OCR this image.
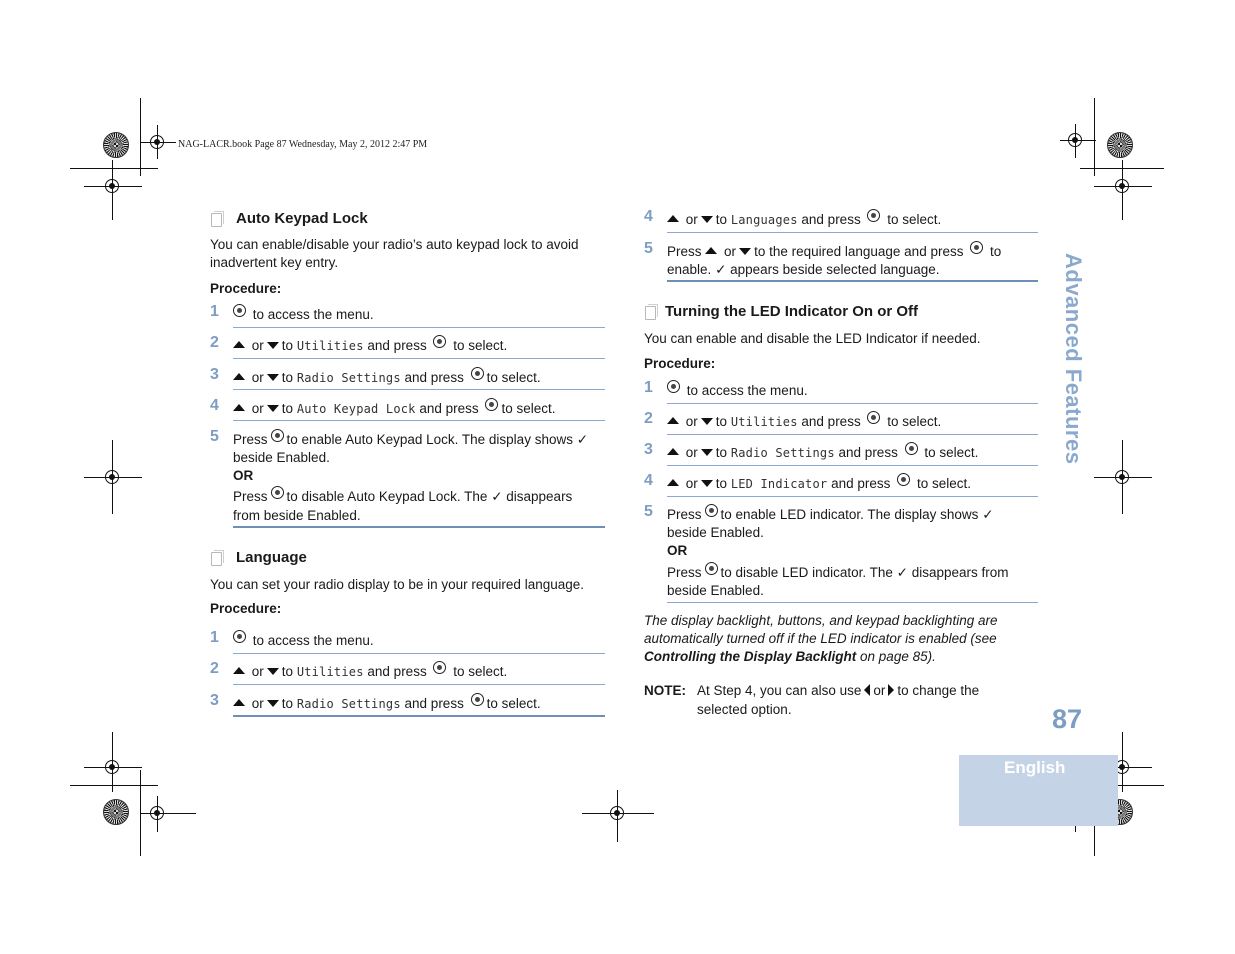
NAG-LACR.book Page 87 Wednesday, May 2, 2012 2:47 PM
Auto Keypad Lock
You can enable/disable your radio’s auto keypad lock to avoid
inadvertent key entry.
Procedure:
1	to access the menu.
2 or to Utilities and press to select.
3 or to Radio Settings and press to select.
4 or to Auto Keypad Lock and press to select.
5 Press to enable Auto Keypad Lock. The display shows ✓
beside Enabled.
OR
Press to disable Auto Keypad Lock. The ✓ disappears
from beside Enabled.
Language
You can set your radio display to be in your required language.
Procedure:
1	to access the menu.
2 or to Utilities and press to select.
3 or to Radio Settings and press to select.
4 or to Languages and press to select.
5 Press or to the required language and press to
enable. ✓ appears beside selected language.
Turning the LED Indicator On or Off
You can enable and disable the LED Indicator if needed.
Procedure:
1	to access the menu.
2 or to Utilities and press to select.
3 or to Radio Settings and press to select.
4 or to LED Indicator and press to select.
5 Press to enable LED indicator. The display shows ✓
beside Enabled.
OR
Press to disable LED indicator. The ✓ disappears from
beside Enabled.
The display backlight, buttons, and keypad backlighting are
automatically turned off if the LED indicator is enabled (see
Controlling the Display Backlight on page 85).
NOTE: At Step 4, you can also use or to change the
selected option.
Advanced Features
87
English
